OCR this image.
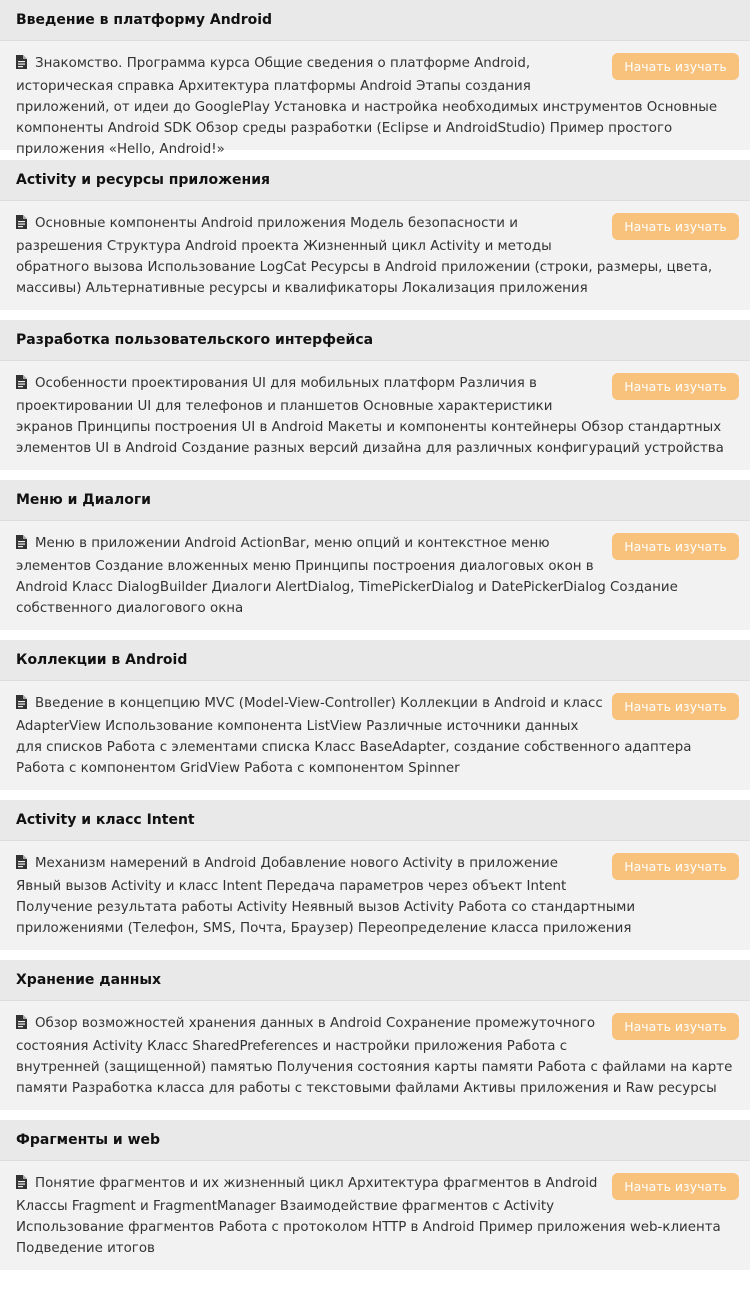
Введение в платформу Android
Начать изучать

Знакомство. Программа курса Общие сведения о платформе Android, историческая справка Архитектура платформы Android Этапы создания приложений, от идеи до GooglePlay Установка и настройка необходимых инструментов Основные компоненты Android SDK Обзор среды разработки (Eclipse и AndroidStudio) Пример простого приложения «Hello, Android!»

Activity и ресурсы приложения
Начать изучать

Основные компоненты Android приложения Модель безопасности и разрешения Структура Android проекта Жизненный цикл Activity и методы обратного вызова Использование LogCat Ресурсы в Android приложении (строки, размеры, цвета, массивы) Альтернативные ресурсы и квалификаторы Локализация приложения

Разработка пользовательского интерфейса
Начать изучать

Особенности проектирования UI для мобильных платформ Различия в проектировании UI для телефонов и планшетов Основные характеристики экранов Принципы построения UI в Android Макеты и компоненты контейнеры Обзор стандартных элементов UI в Android Создание разных версий дизайна для различных конфигураций устройства

Меню и Диалоги
Начать изучать

Меню в приложении Android ActionBar, меню опций и контекстное меню элементов Создание вложенных меню Принципы построения диалоговых окон в Android Класс DialogBuilder Диалоги AlertDialog, TimePickerDialog и DatePickerDialog Создание собственного диалогового окна

Коллекции в Android
Начать изучать

Введение в концепцию MVC (Model-View-Controller) Коллекции в Android и класс AdapterView Использование компонента ListView Различные источники данных для списков Работа с элементами списка Класс BaseAdapter, создание собственного адаптера Работа с компонентом GridView Работа с компонентом Spinner

Activity и класс Intent
Начать изучать

Механизм намерений в Android Добавление нового Activity в приложение Явный вызов Activity и класс Intent Передача параметров через объект Intent Получение результата работы Activity Неявный вызов Activity Работа со стандартными приложениями (Телефон, SMS, Почта, Браузер) Переопределение класса приложения

Хранение данных
Начать изучать

Обзор возможностей хранения данных в Android Сохранение промежуточного состояния Activity Класс SharedPreferences и настройки приложения Работа с внутренней (защищенной) памятью Получения состояния карты памяти Работа с файлами на карте памяти Разработка класса для работы с текстовыми файлами Активы приложения и Raw ресурсы

Фрагменты и web
Начать изучать

Понятие фрагментов и их жизненный цикл Архитектура фрагментов в Android Классы Fragment и FragmentManager Взаимодействие фрагментов с Activity Использование фрагментов Работа с протоколом HTTP в Android Пример приложения web-клиента Подведение итогов
